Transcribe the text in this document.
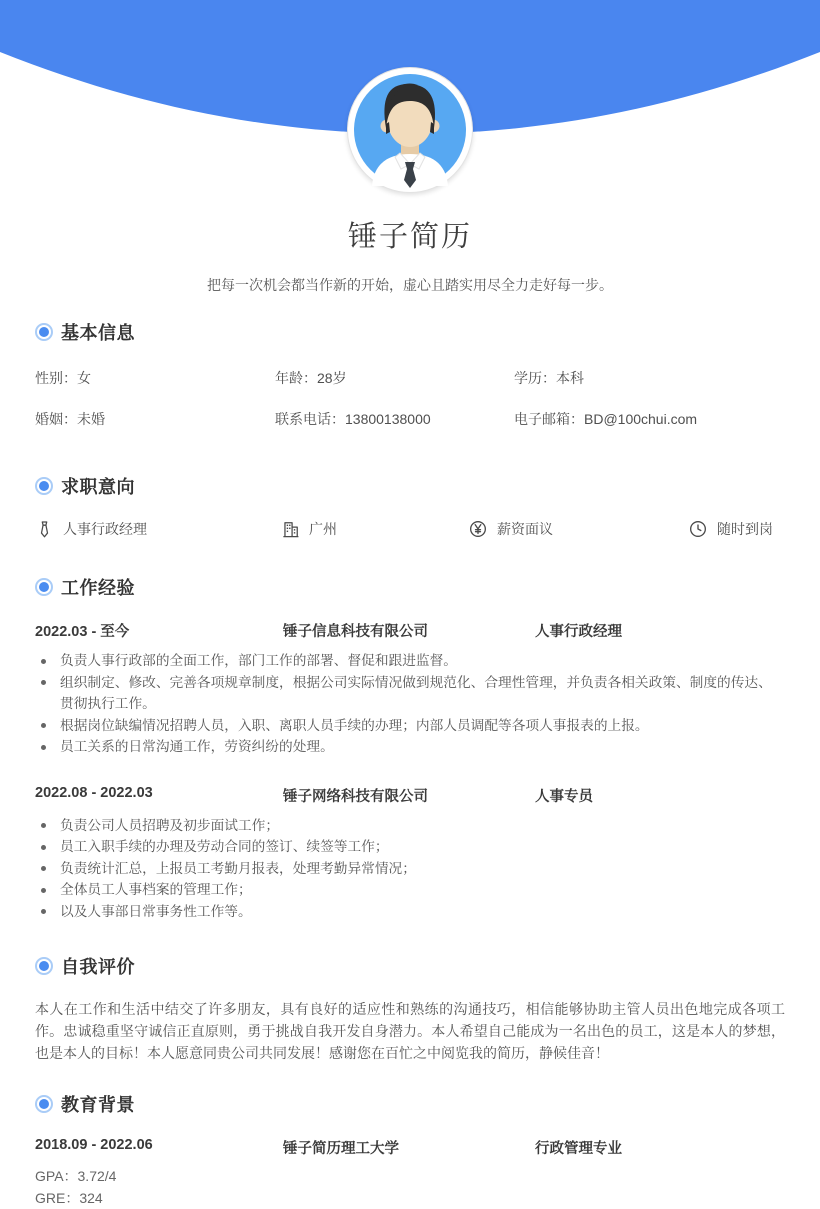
锤子简历
把每一次机会都当作新的开始，虚心且踏实用尽全力走好每一步。
基本信息
性别：女	年龄：28岁	学历：本科
婚姻：未婚	联系电话：13800138000	电子邮箱：BD@100chui.com
求职意向
人事行政经理	广州	薪资面议	随时到岗
工作经验
2022.03 - 至今	锤子信息科技有限公司	人事行政经理
负责人事行政部的全面工作，部门工作的部署、督促和跟进监督。
组织制定、修改、完善各项规章制度，根据公司实际情况做到规范化、合理性管理，并负责各相关政策、制度的传达、贯彻执行工作。
根据岗位缺编情况招聘人员，入职、离职人员手续的办理；内部人员调配等各项人事报表的上报。
员工关系的日常沟通工作，劳资纠纷的处理。
2022.08 - 2022.03	锤子网络科技有限公司	人事专员
负责公司人员招聘及初步面试工作；
员工入职手续的办理及劳动合同的签订、续签等工作；
负责统计汇总，上报员工考勤月报表，处理考勤异常情况；
全体员工人事档案的管理工作；
以及人事部日常事务性工作等。
自我评价

本人在工作和生活中结交了许多朋友，具有良好的适应性和熟练的沟通技巧，相信能够协助主管人员出色地完成各项工作。忠诚稳重坚守诚信正直原则，勇于挑战自我开发自身潜力。本人希望自己能成为一名出色的员工，这是本人的梦想，也是本人的目标！本人愿意同贵公司共同发展！感谢您在百忙之中阅览我的简历，静候佳音！

教育背景
2018.09 - 2022.06	锤子简历理工大学	行政管理专业
GPA：3.72/4
GRE：324
